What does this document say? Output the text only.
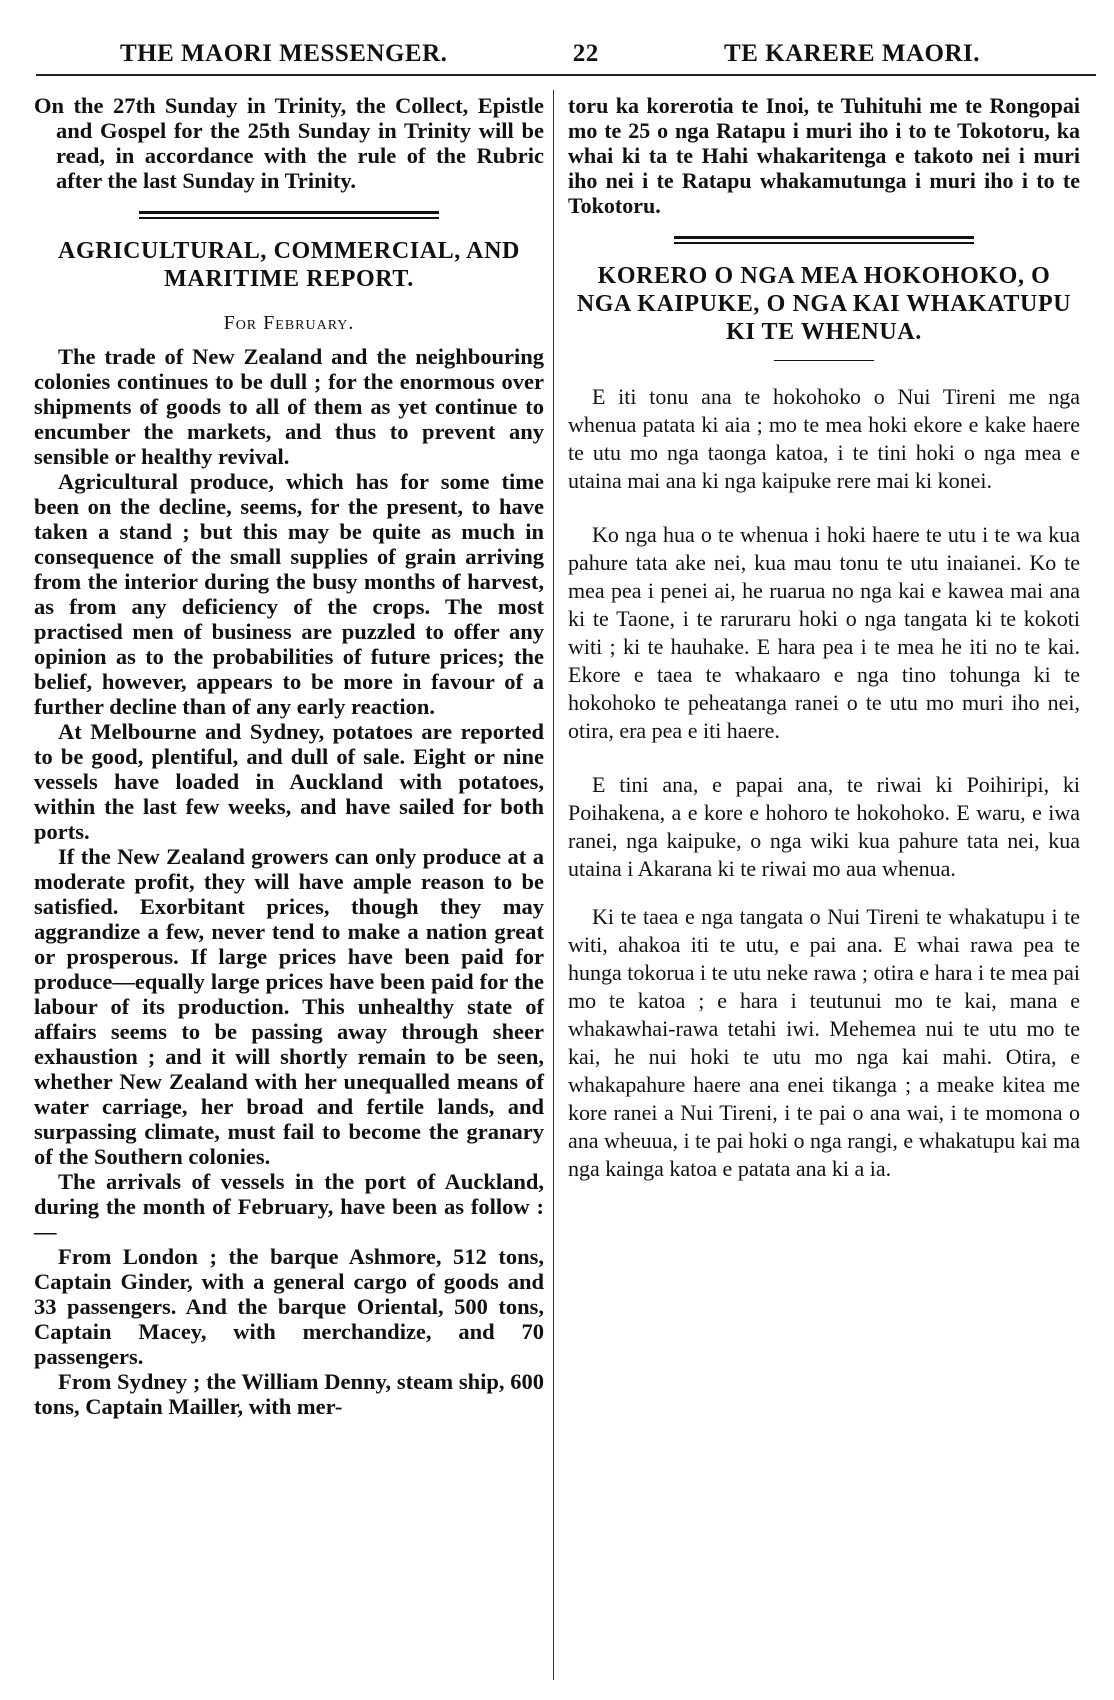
THE MAORI MESSENGER.	22	TE KARERE MAORI.

On the 27th Sunday in Trinity, the Collect, Epistle and Gospel for the 25th Sunday in Trinity will be read, in accordance with the rule of the Rubric after the last Sunday in Trinity.

AGRICULTURAL, COMMERCIAL, AND MARITIME REPORT.
For February.

The trade of New Zealand and the neighbouring colonies continues to be dull ; for the enormous over shipments of goods to all of them as yet continue to encumber the markets, and thus to prevent any sensible or healthy revival.

Agricultural produce, which has for some time been on the decline, seems, for the present, to have taken a stand ; but this may be quite as much in consequence of the small supplies of grain arriving from the interior during the busy months of harvest, as from any deficiency of the crops. The most practised men of business are puzzled to offer any opinion as to the probabilities of future prices; the belief, however, appears to be more in favour of a further decline than of any early reaction.

At Melbourne and Sydney, potatoes are reported to be good, plentiful, and dull of sale. Eight or nine vessels have loaded in Auckland with potatoes, within the last few weeks, and have sailed for both ports.

If the New Zealand growers can only produce at a moderate profit, they will have ample reason to be satisfied. Exorbitant prices, though they may aggrandize a few, never tend to make a nation great or prosperous. If large prices have been paid for produce—equally large prices have been paid for the labour of its production. This unhealthy state of affairs seems to be passing away through sheer exhaustion ; and it will shortly remain to be seen, whether New Zealand with her unequalled means of water carriage, her broad and fertile lands, and surpassing climate, must fail to become the granary of the Southern colonies.

The arrivals of vessels in the port of Auckland, during the month of February, have been as follow :—

From London ; the barque Ashmore, 512 tons, Captain Ginder, with a general cargo of goods and 33 passengers. And the barque Oriental, 500 tons, Captain Macey, with merchandize, and 70 passengers.

From Sydney ; the William Denny, steam ship, 600 tons, Captain Mailler, with mer-

toru ka korerotia te Inoi, te Tuhituhi me te Rongopai mo te 25 o nga Ratapu i muri iho i to te Tokotoru, ka whai ki ta te Hahi whakaritenga e takoto nei i muri iho nei i te Ratapu whakamutunga i muri iho i to te Tokotoru.

KORERO O NGA MEA HOKOHOKO, O NGA KAIPUKE, O NGA KAI WHAKATUPU KI TE WHENUA.

E iti tonu ana te hokohoko o Nui Tireni me nga whenua patata ki aia ; mo te mea hoki ekore e kake haere te utu mo nga taonga katoa, i te tini hoki o nga mea e utaina mai ana ki nga kaipuke rere mai ki konei.

Ko nga hua o te whenua i hoki haere te utu i te wa kua pahure tata ake nei, kua mau tonu te utu inaianei. Ko te mea pea i penei ai, he ruarua no nga kai e kawea mai ana ki te Taone, i te raruraru hoki o nga tangata ki te kokoti witi ; ki te hauhake. E hara pea i te mea he iti no te kai. Ekore e taea te whakaaro e nga tino tohunga ki te hokohoko te peheatanga ranei o te utu mo muri iho nei, otira, era pea e iti haere.

E tini ana, e papai ana, te riwai ki Poihiripi, ki Poihakena, a e kore e hohoro te hokohoko. E waru, e iwa ranei, nga kaipuke, o nga wiki kua pahure tata nei, kua utaina i Akarana ki te riwai mo aua whenua.

Ki te taea e nga tangata o Nui Tireni te whakatupu i te witi, ahakoa iti te utu, e pai ana. E whai rawa pea te hunga tokorua i te utu neke rawa ; otira e hara i te mea pai mo te katoa ; e hara i teutunui mo te kai, mana e whakawhai-rawa tetahi iwi. Mehemea nui te utu mo te kai, he nui hoki te utu mo nga kai mahi. Otira, e whakapahure haere ana enei tikanga ; a meake kitea me kore ranei a Nui Tireni, i te pai o ana wai, i te momona o ana wheuua, i te pai hoki o nga rangi, e whakatupu kai ma nga kainga katoa e patata ana ki a ia.
